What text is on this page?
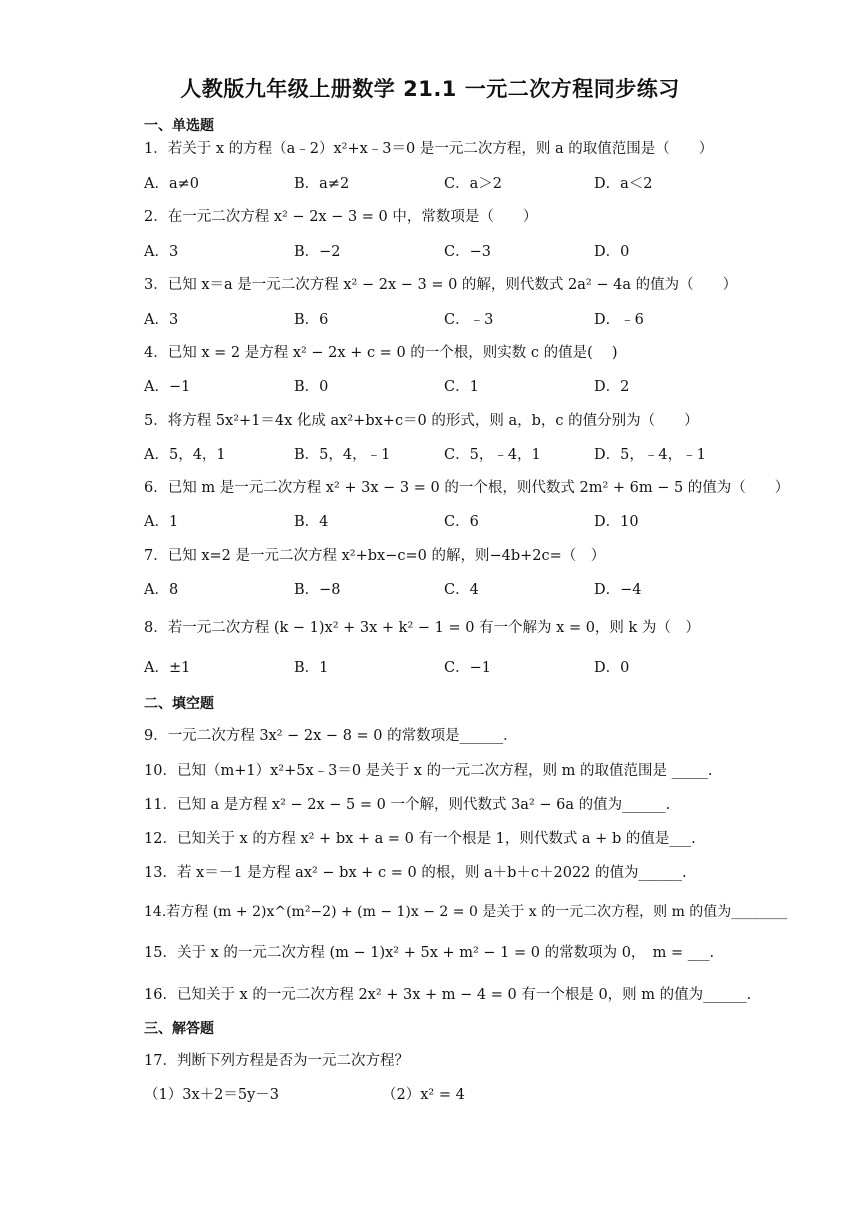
人教版九年级上册数学 21.1 一元二次方程同步练习
一、单选题
1．若关于 x 的方程（a﹣2）x²+x﹣3＝0 是一元二次方程，则 a 的取值范围是（　　）
A．a≠0	B．a≠2	C．a＞2	D．a＜2
2．在一元二次方程 x² − 2x − 3 = 0 中，常数项是（　　）
A．3	B．−2	C．−3	D．0
3．已知 x＝a 是一元二次方程 x² − 2x − 3 = 0 的解，则代数式 2a² − 4a 的值为（　　）
A．3	B．6	C．﹣3	D．﹣6
4．已知 x = 2 是方程 x² − 2x + c = 0 的一个根，则实数 c 的值是(　 )
A．−1	B．0	C．1	D．2
5．将方程 5x²+1＝4x 化成 ax²+bx+c＝0 的形式，则 a，b，c 的值分别为（　　）
A．5，4，1	B．5，4，﹣1	C．5，﹣4，1	D．5，﹣4，﹣1
6．已知 m 是一元二次方程 x² + 3x − 3 = 0 的一个根，则代数式 2m² + 6m − 5 的值为（　　）
A．1	B．4	C．6	D．10
7．已知 x=2 是一元二次方程 x²+bx−c=0 的解，则−4b+2c=（　）
A．8	B．−8	C．4	D．−4
8．若一元二次方程 (k − 1)x² + 3x + k² − 1 = 0 有一个解为 x = 0，则 k 为（　）
A．±1	B．1	C．−1	D．0
二、填空题
9．一元二次方程 3x² − 2x − 8 = 0 的常数项是______．
10．已知（m+1）x²+5x﹣3＝0 是关于 x 的一元二次方程，则 m 的取值范围是 _____.
11．已知 a 是方程 x² − 2x − 5 = 0 一个解，则代数式 3a² − 6a 的值为______.
12．已知关于 x 的方程 x² + bx + a = 0 有一个根是 1，则代数式 a + b 的值是___.
13．若 x＝－1 是方程 ax² − bx + c = 0 的根，则 a＋b＋c＋2022 的值为______.
14.若方程 (m + 2)x^(m²−2) + (m − 1)x − 2 = 0 是关于 x 的一元二次方程，则 m 的值为________
15．关于 x 的一元二次方程 (m − 1)x² + 5x + m² − 1 = 0 的常数项为 0，　m = ___.
16．已知关于 x 的一元二次方程 2x² + 3x + m − 4 = 0 有一个根是 0，则 m 的值为______.
三、解答题
17．判断下列方程是否为一元二次方程？
（1）3x＋2＝5y－3	（2）x² = 4
